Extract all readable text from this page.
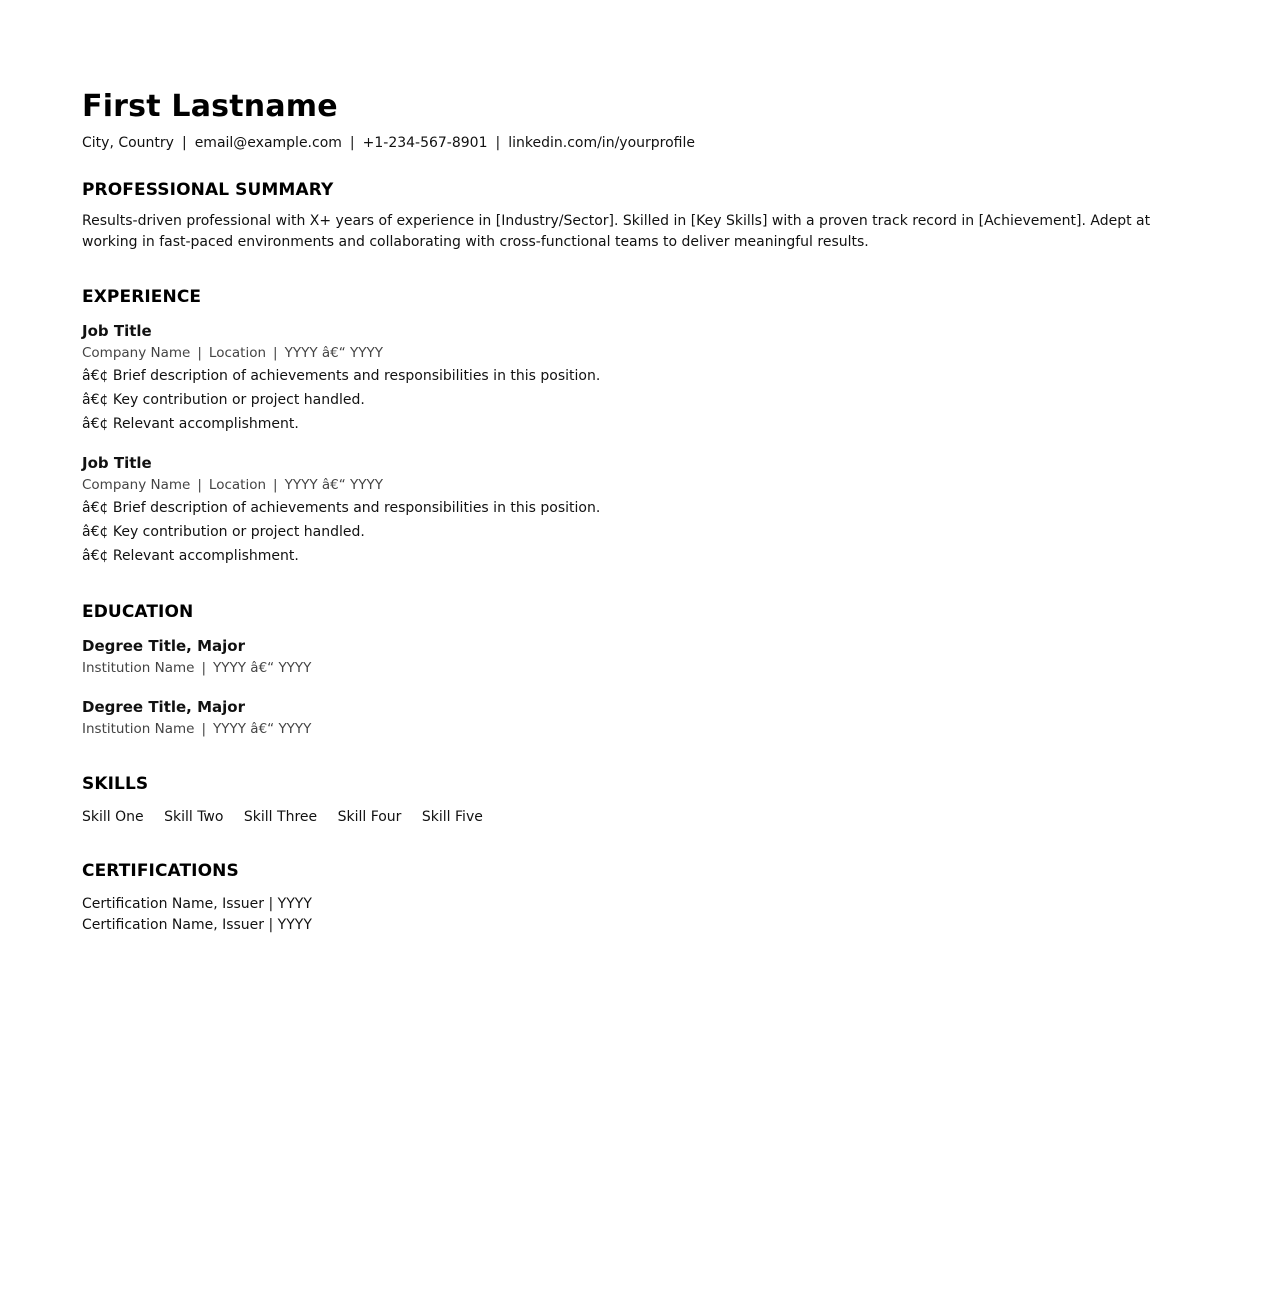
First Lastname
City, Country | email@example.com | +1-234-567-8901 | linkedin.com/in/yourprofile
PROFESSIONAL SUMMARY
Results-driven professional with X+ years of experience in [Industry/Sector]. Skilled in [Key Skills] with a proven track record in [Achievement]. Adept at working in fast-paced environments and collaborating with cross-functional teams to deliver meaningful results.
EXPERIENCE
Job Title
Company Name | Location | YYYY â€“ YYYY
â€¢ Brief description of achievements and responsibilities in this position.
â€¢ Key contribution or project handled.
â€¢ Relevant accomplishment.
Job Title
Company Name | Location | YYYY â€“ YYYY
â€¢ Brief description of achievements and responsibilities in this position.
â€¢ Key contribution or project handled.
â€¢ Relevant accomplishment.
EDUCATION
Degree Title, Major
Institution Name | YYYY â€“ YYYY
Degree Title, Major
Institution Name | YYYY â€“ YYYY
SKILLS
Skill One Skill Two Skill Three Skill Four Skill Five
CERTIFICATIONS
Certification Name, Issuer | YYYY
Certification Name, Issuer | YYYY
